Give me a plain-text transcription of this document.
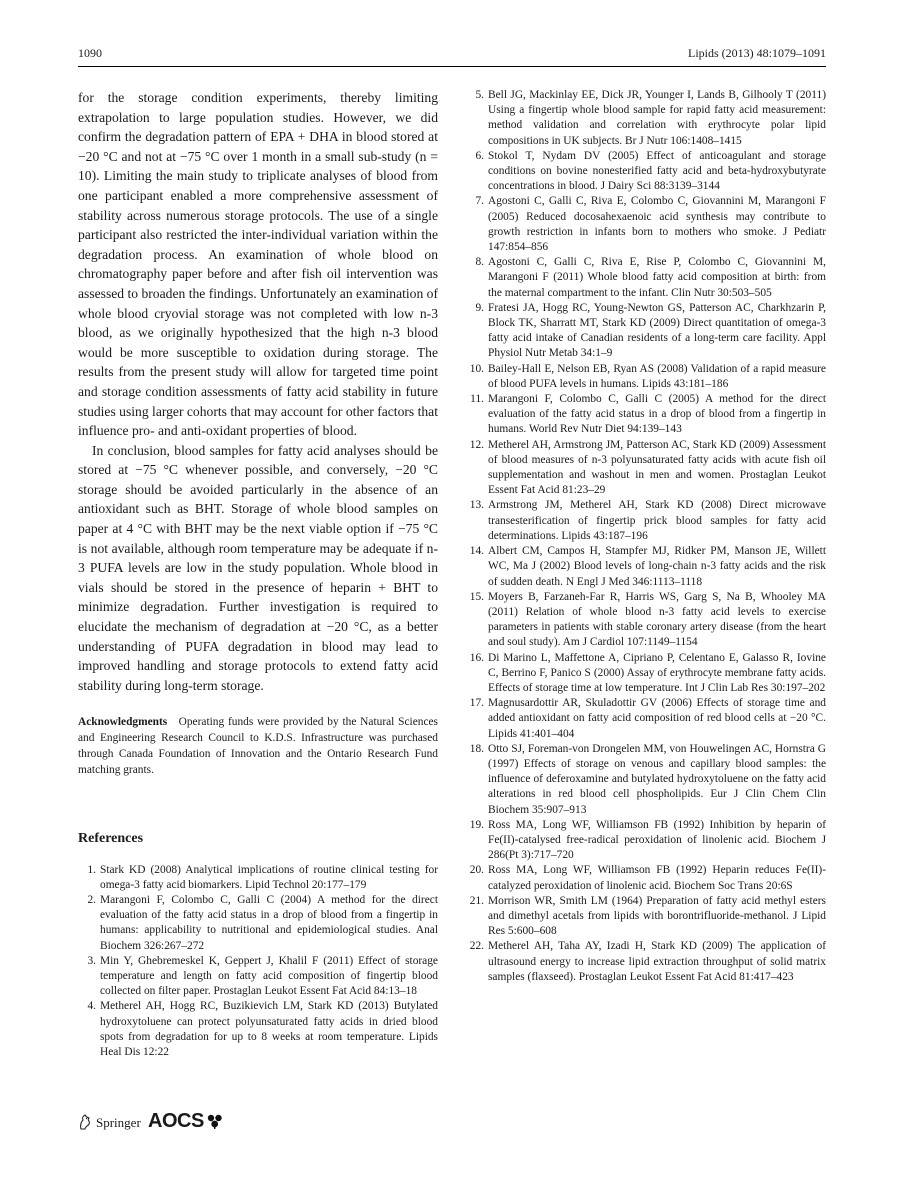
1090	Lipids (2013) 48:1079–1091

for the storage condition experiments, thereby limiting extrapolation to large population studies. However, we did confirm the degradation pattern of EPA + DHA in blood stored at −20 °C and not at −75 °C over 1 month in a small sub-study (n = 10). Limiting the main study to triplicate analyses of blood from one participant enabled a more comprehensive assessment of stability across numerous storage protocols. The use of a single participant also restricted the inter-individual variation within the degradation process. An examination of whole blood on chromatography paper before and after fish oil intervention was assessed to broaden the findings. Unfortunately an examination of whole blood cryovial storage was not completed with low n-3 blood, as we originally hypothesized that the high n-3 blood would be more susceptible to oxidation during storage. The results from the present study will allow for targeted time point and storage condition assessments of fatty acid stability in future studies using larger cohorts that may account for other factors that influence pro- and anti-oxidant properties of blood.

In conclusion, blood samples for fatty acid analyses should be stored at −75 °C whenever possible, and conversely, −20 °C storage should be avoided particularly in the absence of an antioxidant such as BHT. Storage of whole blood samples on paper at 4 °C with BHT may be the next viable option if −75 °C is not available, although room temperature may be adequate if n-3 PUFA levels are low in the study population. Whole blood in vials should be stored in the presence of heparin + BHT to minimize degradation. Further investigation is required to elucidate the mechanism of degradation at −20 °C, as a better understanding of PUFA degradation in blood may lead to improved handling and storage protocols to extend fatty acid stability during long-term storage.

Acknowledgments Operating funds were provided by the Natural Sciences and Engineering Research Council to K.D.S. Infrastructure was purchased through Canada Foundation of Innovation and the Ontario Research Fund matching grants.

References
1. Stark KD (2008) Analytical implications of routine clinical testing for omega-3 fatty acid biomarkers. Lipid Technol 20:177–179
2. Marangoni F, Colombo C, Galli C (2004) A method for the direct evaluation of the fatty acid status in a drop of blood from a fingertip in humans: applicability to nutritional and epidemiological studies. Anal Biochem 326:267–272
3. Min Y, Ghebremeskel K, Geppert J, Khalil F (2011) Effect of storage temperature and length on fatty acid composition of fingertip blood collected on filter paper. Prostaglan Leukot Essent Fat Acid 84:13–18
4. Metherel AH, Hogg RC, Buzikievich LM, Stark KD (2013) Butylated hydroxytoluene can protect polyunsaturated fatty acids in dried blood spots from degradation for up to 8 weeks at room temperature. Lipids Heal Dis 12:22
5. Bell JG, Mackinlay EE, Dick JR, Younger I, Lands B, Gilhooly T (2011) Using a fingertip whole blood sample for rapid fatty acid measurement: method validation and correlation with erythrocyte polar lipid compositions in UK subjects. Br J Nutr 106:1408–1415
6. Stokol T, Nydam DV (2005) Effect of anticoagulant and storage conditions on bovine nonesterified fatty acid and beta-hydroxybutyrate concentrations in blood. J Dairy Sci 88:3139–3144
7. Agostoni C, Galli C, Riva E, Colombo C, Giovannini M, Marangoni F (2005) Reduced docosahexaenoic acid synthesis may contribute to growth restriction in infants born to mothers who smoke. J Pediatr 147:854–856
8. Agostoni C, Galli C, Riva E, Rise P, Colombo C, Giovannini M, Marangoni F (2011) Whole blood fatty acid composition at birth: from the maternal compartment to the infant. Clin Nutr 30:503–505
9. Fratesi JA, Hogg RC, Young-Newton GS, Patterson AC, Charkhzarin P, Block TK, Sharratt MT, Stark KD (2009) Direct quantitation of omega-3 fatty acid intake of Canadian residents of a long-term care facility. Appl Physiol Nutr Metab 34:1–9
10. Bailey-Hall E, Nelson EB, Ryan AS (2008) Validation of a rapid measure of blood PUFA levels in humans. Lipids 43:181–186
11. Marangoni F, Colombo C, Galli C (2005) A method for the direct evaluation of the fatty acid status in a drop of blood from a fingertip in humans. World Rev Nutr Diet 94:139–143
12. Metherel AH, Armstrong JM, Patterson AC, Stark KD (2009) Assessment of blood measures of n-3 polyunsaturated fatty acids with acute fish oil supplementation and washout in men and women. Prostaglan Leukot Essent Fat Acid 81:23–29
13. Armstrong JM, Metherel AH, Stark KD (2008) Direct microwave transesterification of fingertip prick blood samples for fatty acid determinations. Lipids 43:187–196
14. Albert CM, Campos H, Stampfer MJ, Ridker PM, Manson JE, Willett WC, Ma J (2002) Blood levels of long-chain n-3 fatty acids and the risk of sudden death. N Engl J Med 346:1113–1118
15. Moyers B, Farzaneh-Far R, Harris WS, Garg S, Na B, Whooley MA (2011) Relation of whole blood n-3 fatty acid levels to exercise parameters in patients with stable coronary artery disease (from the heart and soul study). Am J Cardiol 107:1149–1154
16. Di Marino L, Maffettone A, Cipriano P, Celentano E, Galasso R, Iovine C, Berrino F, Panico S (2000) Assay of erythrocyte membrane fatty acids. Effects of storage time at low temperature. Int J Clin Lab Res 30:197–202
17. Magnusardottir AR, Skuladottir GV (2006) Effects of storage time and added antioxidant on fatty acid composition of red blood cells at −20 °C. Lipids 41:401–404
18. Otto SJ, Foreman-von Drongelen MM, von Houwelingen AC, Hornstra G (1997) Effects of storage on venous and capillary blood samples: the influence of deferoxamine and butylated hydroxytoluene on the fatty acid alterations in red blood cell phospholipids. Eur J Clin Chem Clin Biochem 35:907–913
19. Ross MA, Long WF, Williamson FB (1992) Inhibition by heparin of Fe(II)-catalysed free-radical peroxidation of linolenic acid. Biochem J 286(Pt 3):717–720
20. Ross MA, Long WF, Williamson FB (1992) Heparin reduces Fe(II)-catalyzed peroxidation of linolenic acid. Biochem Soc Trans 20:6S
21. Morrison WR, Smith LM (1964) Preparation of fatty acid methyl esters and dimethyl acetals from lipids with borontrifluoride-methanol. J Lipid Res 5:600–608
22. Metherel AH, Taha AY, Izadi H, Stark KD (2009) The application of ultrasound energy to increase lipid extraction throughput of solid matrix samples (flaxseed). Prostaglan Leukot Essent Fat Acid 81:417–423
Springer AOCS
